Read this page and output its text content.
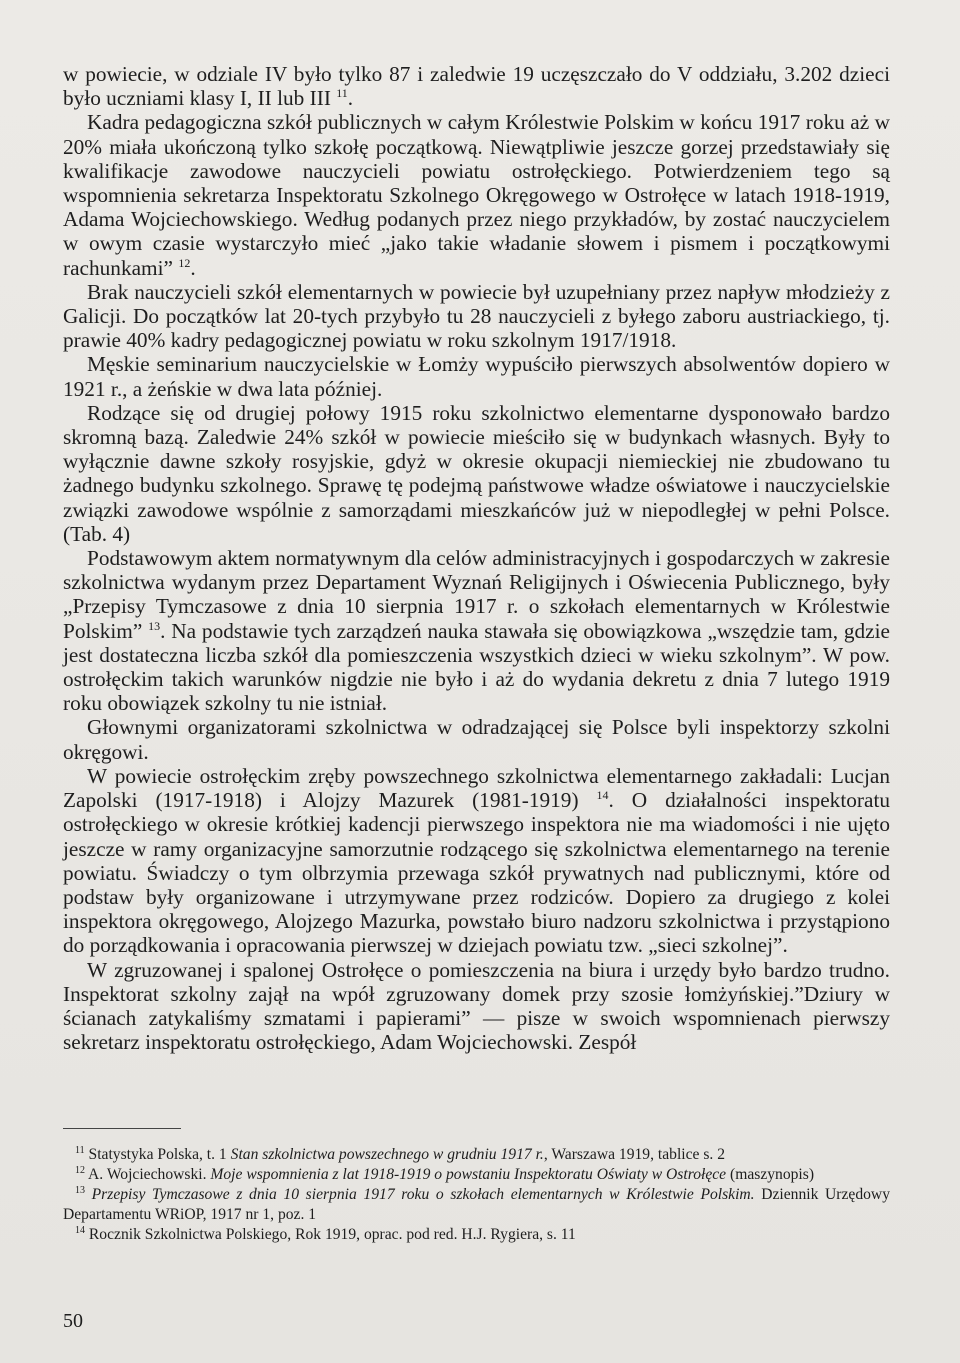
w powiecie, w odziale IV było tylko 87 i zaledwie 19 uczęszczało do V oddziału, 3.202 dzieci było uczniami klasy I, II lub III $^{11}$.

Kadra pedagogiczna szkół publicznych w całym Królestwie Polskim w końcu 1917 roku aż w 20% miała ukończoną tylko szkołę początkową. Niewątpliwie jeszcze gorzej przedstawiały się kwalifikacje zawodowe nauczycieli powiatu ostrołęckiego. Potwierdzeniem tego są wspomnienia sekretarza Inspektoratu Szkolnego Okręgowego w Ostrołęce w latach 1918-1919, Adama Wojciechowskiego. Według podanych przez niego przykładów, by zostać nauczycielem w owym czasie wystarczyło mieć „jako takie władanie słowem i pismem i początkowymi rachunkami” $^{12}$.

Brak nauczycieli szkół elementarnych w powiecie był uzupełniany przez napływ młodzieży z Galicji. Do początków lat 20-tych przybyło tu 28 nauczycieli z byłego zaboru austriackiego, tj. prawie 40% kadry pedagogicznej powiatu w roku szkolnym 1917/1918.

Męskie seminarium nauczycielskie w Łomży wypuściło pierwszych absolwentów dopiero w 1921 r., a żeńskie w dwa lata później.

Rodzące się od drugiej połowy 1915 roku szkolnictwo elementarne dysponowało bardzo skromną bazą. Zaledwie 24% szkół w powiecie mieściło się w budynkach własnych. Były to wyłącznie dawne szkoły rosyjskie, gdyż w okresie okupacji niemieckiej nie zbudowano tu żadnego budynku szkolnego. Sprawę tę podejmą państwowe władze oświatowe i nauczycielskie związki zawodowe wspólnie z samorządami mieszkańców już w niepodległej w pełni Polsce. (Tab. 4)

Podstawowym aktem normatywnym dla celów administracyjnych i gospodarczych w zakresie szkolnictwa wydanym przez Departament Wyznań Religijnych i Oświecenia Publicznego, były „Przepisy Tymczasowe z dnia 10 sierpnia 1917 r. o szkołach elementarnych w Królestwie Polskim” $^{13}$. Na podstawie tych zarządzeń nauka stawała się obowiązkowa „wszędzie tam, gdzie jest dostateczna liczba szkół dla pomieszczenia wszystkich dzieci w wieku szkolnym”. W pow. ostrołęckim takich warunków nigdzie nie było i aż do wydania dekretu z dnia 7 lutego 1919 roku obowiązek szkolny tu nie istniał.

Głownymi organizatorami szkolnictwa w odradzającej się Polsce byli inspektorzy szkolni okręgowi.

W powiecie ostrołęckim zręby powszechnego szkolnictwa elementarnego zakładali: Lucjan Zapolski (1917-1918) i Alojzy Mazurek (1981-1919) $^{14}$. O działalności inspektoratu ostrołęckiego w okresie krótkiej kadencji pierwszego inspektora nie ma wiadomości i nie ujęto jeszcze w ramy organizacyjne samorzutnie rodzącego się szkolnictwa elementarnego na terenie powiatu. Świadczy o tym olbrzymia przewaga szkół prywatnych nad publicznymi, które od podstaw były organizowane i utrzymywane przez rodziców. Dopiero za drugiego z kolei inspektora okręgowego, Alojzego Mazurka, powstało biuro nadzoru szkolnictwa i przystąpiono do porządkowania i opracowania pierwszej w dziejach powiatu tzw. „sieci szkolnej”.

W zgruzowanej i spalonej Ostrołęce o pomieszczenia na biura i urzędy było bardzo trudno. Inspektorat szkolny zajął na wpół zgruzowany domek przy szosie łomżyńskiej.”Dziury w ścianach zatykaliśmy szmatami i papierami” — pisze w swoich wspomnienach pierwszy sekretarz inspektoratu ostrołęckiego, Adam Wojciechowski. Zespół

$^{11}$ Statystyka Polska, t. 1 Stan szkolnictwa powszechnego w grudniu 1917 r., Warszawa 1919, tablice s. 2

$^{12}$ A. Wojciechowski. Moje wspomnienia z lat 1918-1919 o powstaniu Inspektoratu Oświaty w Ostrołęce (maszynopis)

$^{13}$ Przepisy Tymczasowe z dnia 10 sierpnia 1917 roku o szkołach elementarnych w Królestwie Polskim. Dziennik Urzędowy Departamentu WRiOP, 1917 nr 1, poz. 1

$^{14}$ Rocznik Szkolnictwa Polskiego, Rok 1919, oprac. pod red. H.J. Rygiera, s. 11

50
